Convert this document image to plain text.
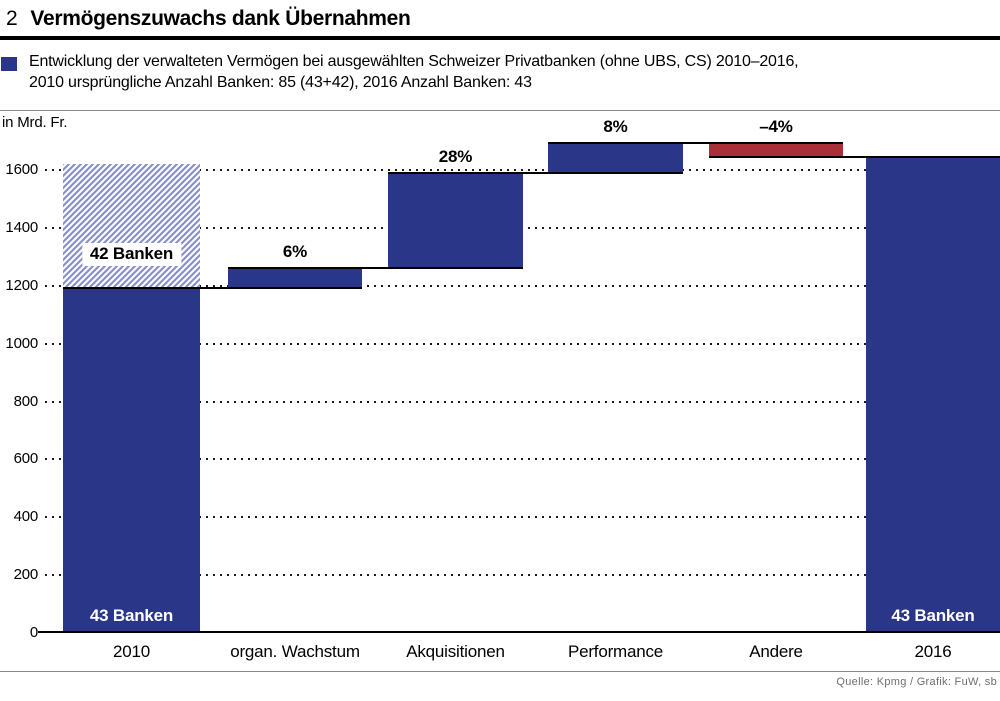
2 Vermögenszuwachs dank Übernahmen
Entwicklung der verwalteten Vermögen bei ausgewählten Schweizer Privatbanken (ohne UBS, CS) 2010–2016,
2010 ursprüngliche Anzahl Banken: 85 (43+42), 2016 Anzahl Banken: 43
in Mrd. Fr.
0
200
400
600
800
1000
1200
1400
1600
42 Banken
43 Banken
2010
6%
organ. Wachstum
28%
Akquisitionen
8%
Performance
–4%
Andere
43 Banken
2016
Quelle: Kpmg / Grafik: FuW, sb
